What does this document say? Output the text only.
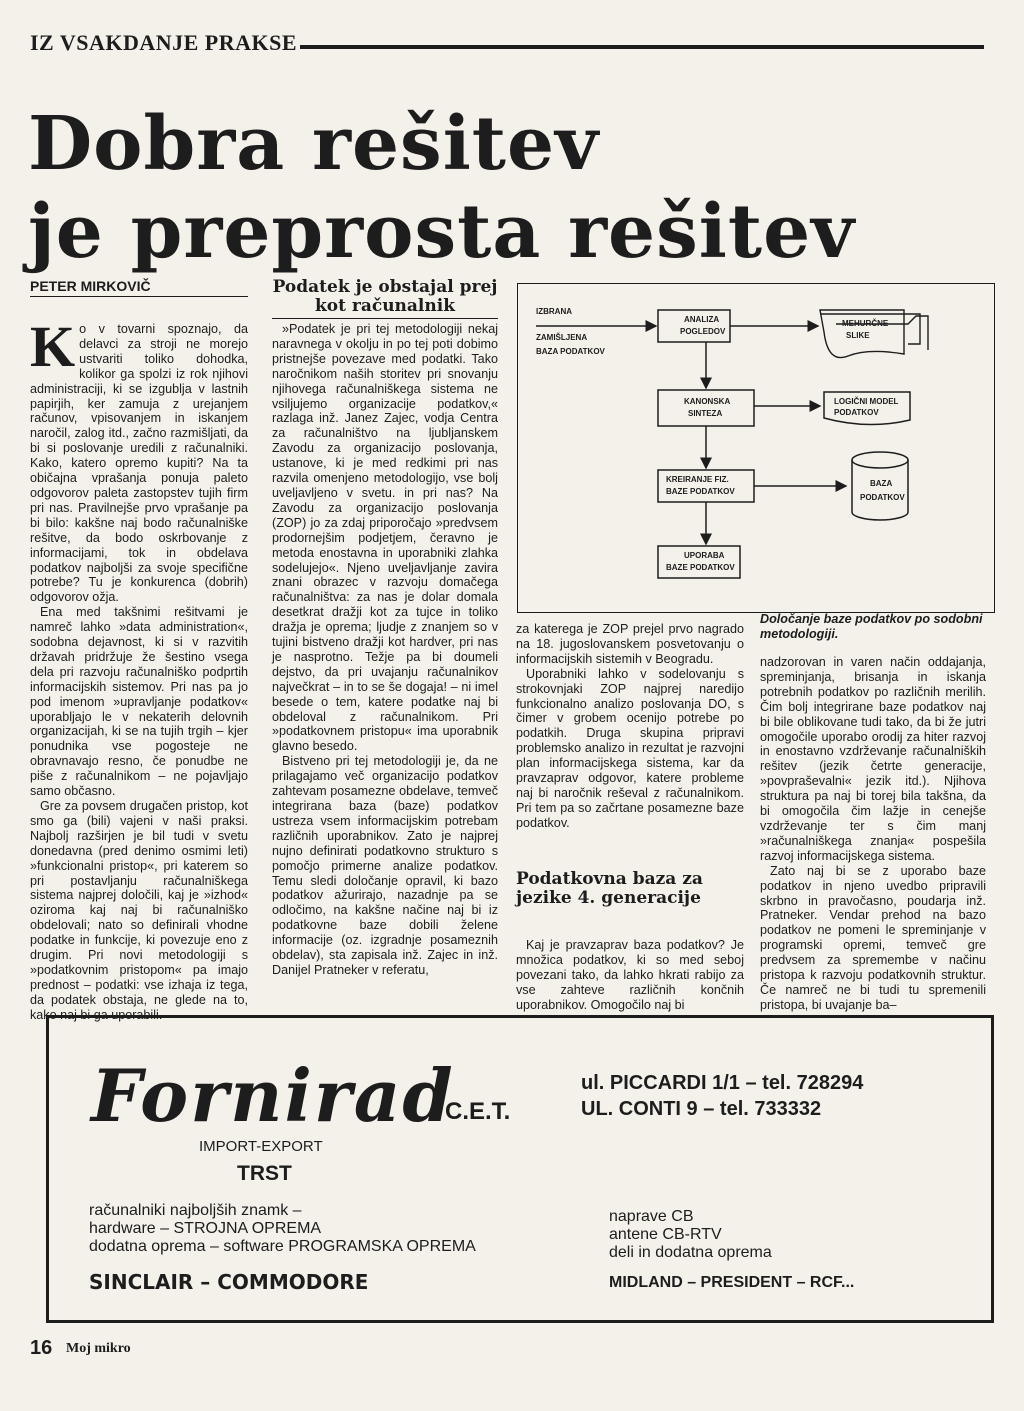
IZ VSAKDANJE PRAKSE
Dobra rešitev
je preprosta rešitev
PETER MIRKOVIČ

Ko v tovarni spoznajo, da delavci za stroji ne morejo ustvariti toliko dohodka, kolikor ga spolzi iz rok njihovi administraciji, ki se izgublja v lastnih papirjih, ker zamuja z urejanjem računov, vpisovanjem in iskanjem naročil, zalog itd., začno razmišljati, da bi si poslovanje uredili z računalniki. Kako, katero opremo kupiti? Na ta običajna vprašanja ponuja paleto odgovorov paleta zastopstev tujih firm pri nas. Pravilnejše prvo vprašanje pa bi bilo: kakšne naj bodo računalniške rešitve, da bodo oskrbovanje z informacijami, tok in obdelava podatkov najboljši za svoje specifične potrebe? Tu je konkurenca (dobrih) odgovorov ožja.

Ena med takšnimi rešitvami je namreč lahko »data administration«, sodobna dejavnost, ki si v razvitih državah pridržuje že šestino vsega dela pri razvoju računalniško podprtih informacijskih sistemov. Pri nas pa jo pod imenom »upravljanje podatkov« uporabljajo le v nekaterih delovnih organizacijah, ki se na tujih trgih – kjer ponudnika vse pogosteje ne obravnavajo resno, če ponudbe ne piše z računalnikom – ne pojavljajo samo občasno.

Gre za povsem drugačen pristop, kot smo ga (bili) vajeni v naši praksi. Najbolj razširjen je bil tudi v svetu donedavna (pred denimo osmimi leti) »funkcionalni pristop«, pri katerem so pri postavljanju računalniškega sistema najprej določili, kaj je »izhod« oziroma kaj naj bi računalniško obdelovali; nato so definirali vhodne podatke in funkcije, ki povezuje eno z drugim. Pri novi metodologiji s »podatkovnim pristopom« pa imajo prednost – podatki: vse izhaja iz tega, da podatek obstaja, ne glede na to, kako naj bi ga uporabili.

Podatek je obstajal prej kot računalnik

»Podatek je pri tej metodologiji nekaj naravnega v okolju in po tej poti dobimo pristnejše povezave med podatki. Tako naročnikom naših storitev pri snovanju njihovega računalniškega sistema ne vsiljujemo organizacije podatkov,« razlaga inž. Janez Zajec, vodja Centra za računalništvo na ljubljanskem Zavodu za organizacijo poslovanja, ustanove, ki je med redkimi pri nas razvila omenjeno metodologijo, vse bolj uveljavljeno v svetu. in pri nas? Na Zavodu za organizacijo poslovanja (ZOP) jo za zdaj priporočajo »predvsem prodornejšim podjetjem, čeravno je metoda enostavna in uporabniki zlahka sodelujejo«. Njeno uveljavljanje zavira znani obrazec v razvoju domačega računalništva: za nas je dolar domala desetkrat dražji kot za tujce in toliko dražja je oprema; ljudje z znanjem so v tujini bistveno dražji kot hardver, pri nas je nasprotno. Težje pa bi doumeli dejstvo, da pri uvajanju računalnikov največkrat – in to se še dogaja! – ni imel besede o tem, katere podatke naj bi obdeloval z računalnikom. Pri »podatkovnem pristopu« ima uporabnik glavno besedo.

Bistveno pri tej metodologiji je, da ne prilagajamo več organizacijo podatkov zahtevam posamezne obdelave, temveč integrirana baza (baze) podatkov ustreza vsem informacijskim potrebam različnih uporabnikov. Zato je najprej nujno definirati podatkovno strukturo s pomočjo primerne analize podatkov. Temu sledi določanje opravil, ki bazo podatkov ažurirajo, nazadnje pa se odločimo, na kakšne načine naj bi iz podatkovne baze dobili želene informacije (oz. izgradnje posameznih obdelav), sta zapisala inž. Zajec in inž. Danijel Pratneker v referatu,

IZBRANA
ZAMIŠLJENA
BAZA PODATKOV
ANALIZA
POGLEDOV
MEHURČNE
SLIKE
KANONSKA
SINTEZA
LOGIČNI MODEL
PODATKOV
KREIRANJE FIZ.
BAZE PODATKOV
BAZA
PODATKOV
UPORABA
BAZE PODATKOV

za katerega je ZOP prejel prvo nagrado na 18. jugoslovanskem posvetovanju o informacijskih sistemih v Beogradu.

Uporabniki lahko v sodelovanju s strokovnjaki ZOP najprej naredijo funkcionalno analizo poslovanja DO, s čimer v grobem ocenijo potrebe po podatkih. Druga skupina pripravi problemsko analizo in rezultat je razvojni plan informacijskega sistema, kar da pravzaprav odgovor, katere probleme naj bi naročnik reševal z računalnikom. Pri tem pa so začrtane posamezne baze podatkov.

Podatkovna baza za jezike 4. generacije

Kaj je pravzaprav baza podatkov? Je množica podatkov, ki so med seboj povezani tako, da lahko hkrati rabijo za vse zahteve različnih končnih uporabnikov. Omogočilo naj bi

Določanje baze podatkov po sodobni metodologiji.

nadzorovan in varen način oddajanja, spreminjanja, brisanja in iskanja potrebnih podatkov po različnih merilih. Čim bolj integrirane baze podatkov naj bi bile oblikovane tudi tako, da bi že jutri omogočile uporabo orodij za hiter razvoj in enostavno vzdrževanje računalniških rešitev (jezik četrte generacije, »povpraševalni« jezik itd.). Njihova struktura pa naj bi torej bila takšna, da bi omogočila čim lažje in cenejše vzdrževanje ter s čim manj »računalniškega znanja« pospešila razvoj informacijskega sistema.

Zato naj bi se z uporabo baze podatkov in njeno uvedbo pripravili skrbno in pravočasno, poudarja inž. Pratneker. Vendar prehod na bazo podatkov ne pomeni le spreminjanje v programski opremi, temveč gre predvsem za spremembe v načinu pristopa k razvoju podatkovnih struktur. Če namreč ne bi tudi tu spremenili pristopa, bi uvajanje ba–

Fornirad
C.E.T.
ul. PICCARDI 1/1 – tel. 728294
UL. CONTI 9 – tel. 733332
IMPORT-EXPORT
TRST
računalniki najboljših znamk –
hardware – STROJNA OPREMA
dodatna oprema – software PROGRAMSKA OPREMA
SINCLAIR – COMMODORE
naprave CB
antene CB-RTV
deli in dodatna oprema
MIDLAND – PRESIDENT – RCF...
16 Moj mikro
